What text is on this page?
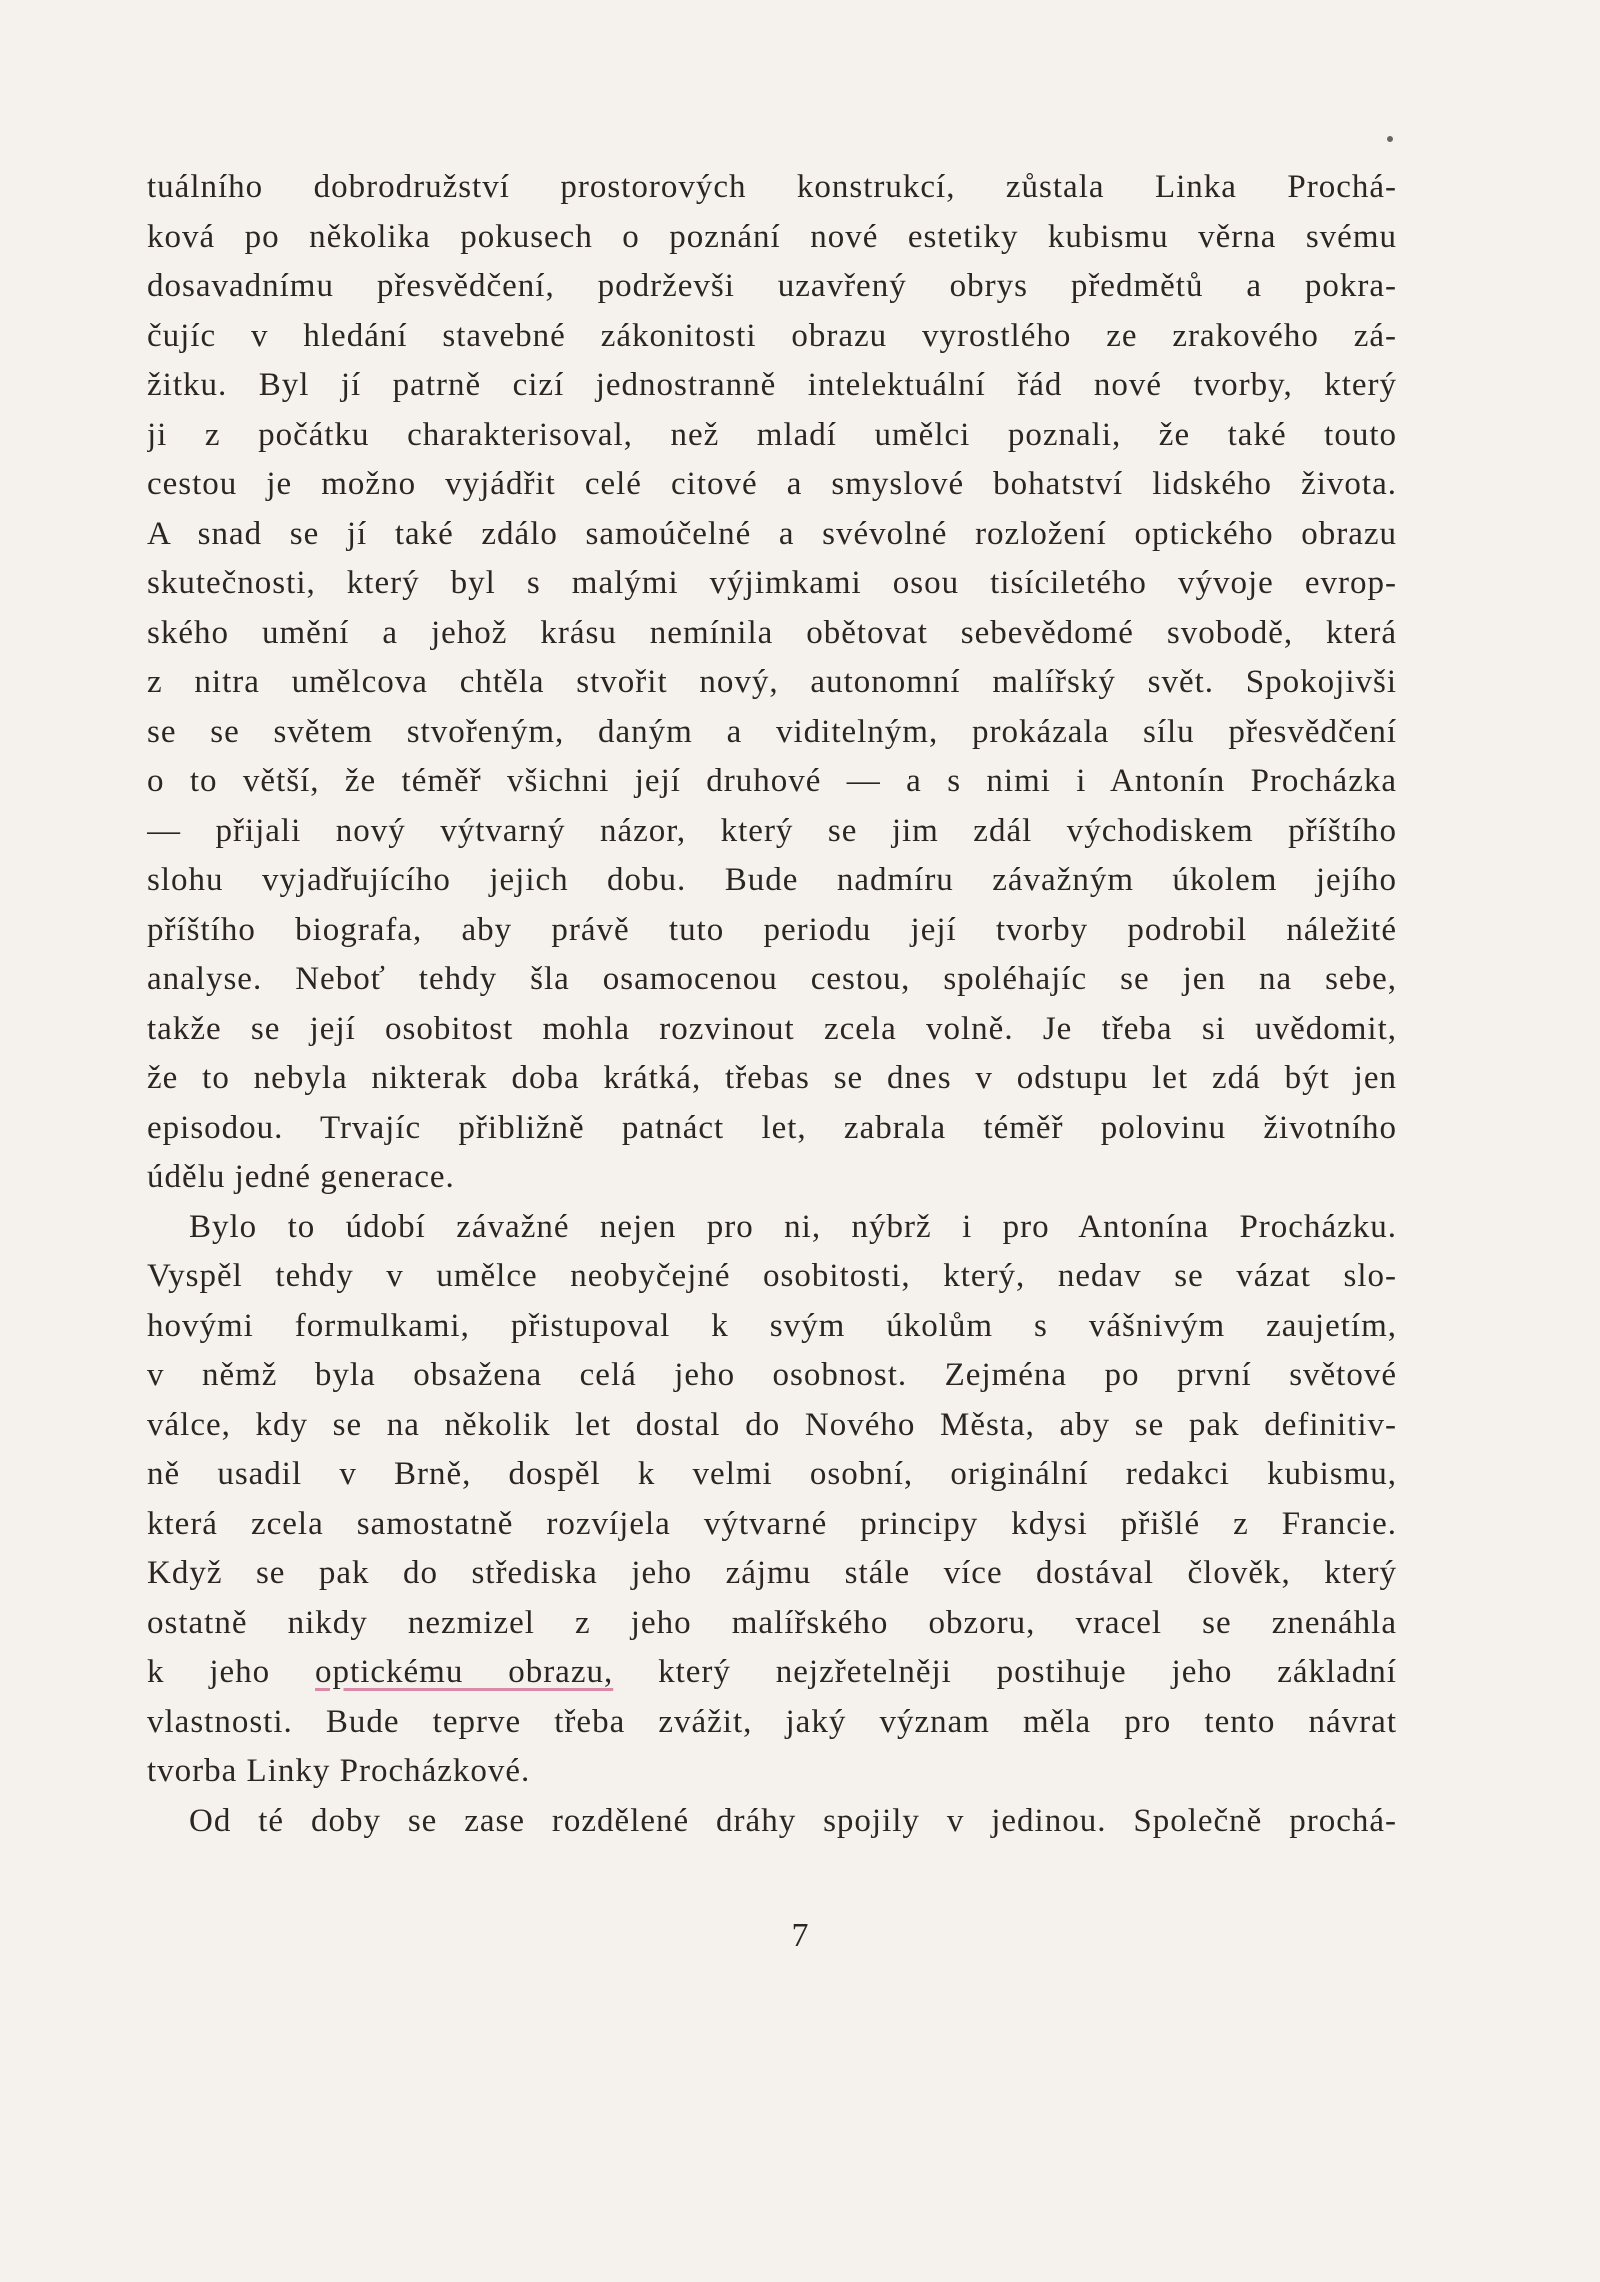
tuálního dobrodružství prostorových konstrukcí, zůstala Linka Prochá-
ková po několika pokusech o poznání nové estetiky kubismu věrna svému
dosavadnímu přesvědčení, podrževši uzavřený obrys předmětů a pokra-
čujíc v hledání stavebné zákonitosti obrazu vyrostlého ze zrakového zá-
žitku. Byl jí patrně cizí jednostranně intelektuální řád nové tvorby, který
ji z počátku charakterisoval, než mladí umělci poznali, že také touto
cestou je možno vyjádřit celé citové a smyslové bohatství lidského života.
A snad se jí také zdálo samoúčelné a svévolné rozložení optického obrazu
skutečnosti, který byl s malými výjimkami osou tisíciletého vývoje evrop-
ského umění a jehož krásu nemínila obětovat sebevědomé svobodě, která
z nitra umělcova chtěla stvořit nový, autonomní malířský svět. Spokojivši
se se světem stvořeným, daným a viditelným, prokázala sílu přesvědčení
o to větší, že téměř všichni její druhové — a s nimi i Antonín Procházka
— přijali nový výtvarný názor, který se jim zdál východiskem příštího
slohu vyjadřujícího jejich dobu. Bude nadmíru závažným úkolem jejího
příštího biografa, aby právě tuto periodu její tvorby podrobil náležité
analyse. Neboť tehdy šla osamocenou cestou, spoléhajíc se jen na sebe,
takže se její osobitost mohla rozvinout zcela volně. Je třeba si uvědomit,
že to nebyla nikterak doba krátká, třebas se dnes v odstupu let zdá být jen
episodou. Trvajíc přibližně patnáct let, zabrala téměř polovinu životního
údělu jedné generace.
Bylo to údobí závažné nejen pro ni, nýbrž i pro Antonína Procházku.
Vyspěl tehdy v umělce neobyčejné osobitosti, který, nedav se vázat slo-
hovými formulkami, přistupoval k svým úkolům s vášnivým zaujetím,
v němž byla obsažena celá jeho osobnost. Zejména po první světové
válce, kdy se na několik let dostal do Nového Města, aby se pak definitiv-
ně usadil v Brně, dospěl k velmi osobní, originální redakci kubismu,
která zcela samostatně rozvíjela výtvarné principy kdysi přišlé z Francie.
Když se pak do střediska jeho zájmu stále více dostával člověk, který
ostatně nikdy nezmizel z jeho malířského obzoru, vracel se znenáhla
k jeho optickému obrazu, který nejzřetelněji postihuje jeho základní
vlastnosti. Bude teprve třeba zvážit, jaký význam měla pro tento návrat
tvorba Linky Procházkové.
Od té doby se zase rozdělené dráhy spojily v jedinou. Společně prochá-
7
